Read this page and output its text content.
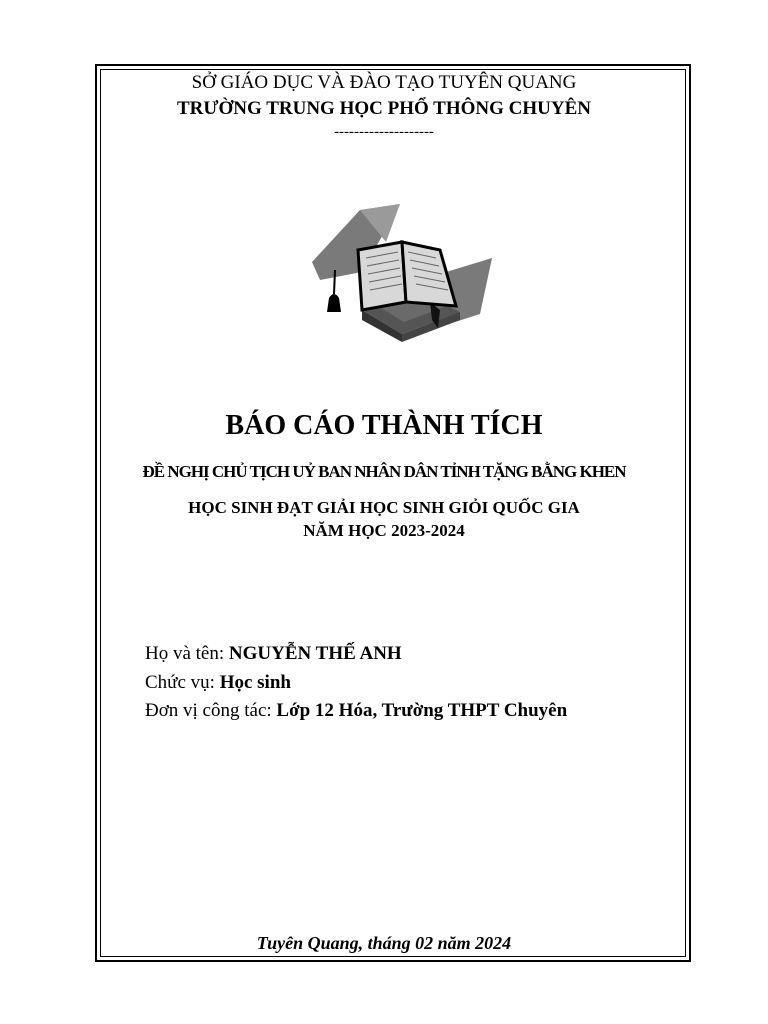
SỞ GIÁO DỤC VÀ ĐÀO TẠO TUYÊN QUANG
TRƯỜNG TRUNG HỌC PHỔ THÔNG CHUYÊN
--------------------
BÁO CÁO THÀNH TÍCH
ĐỀ NGHỊ CHỦ TỊCH UỶ BAN NHÂN DÂN TỈNH TẶNG BẰNG KHEN
HỌC SINH ĐẠT GIẢI HỌC SINH GIỎI QUỐC GIA
NĂM HỌC 2023-2024
Họ và tên: NGUYỄN THẾ ANH
Chức vụ: Học sinh
Đơn vị công tác: Lớp 12 Hóa, Trường THPT Chuyên
Tuyên Quang, tháng 02 năm 2024
